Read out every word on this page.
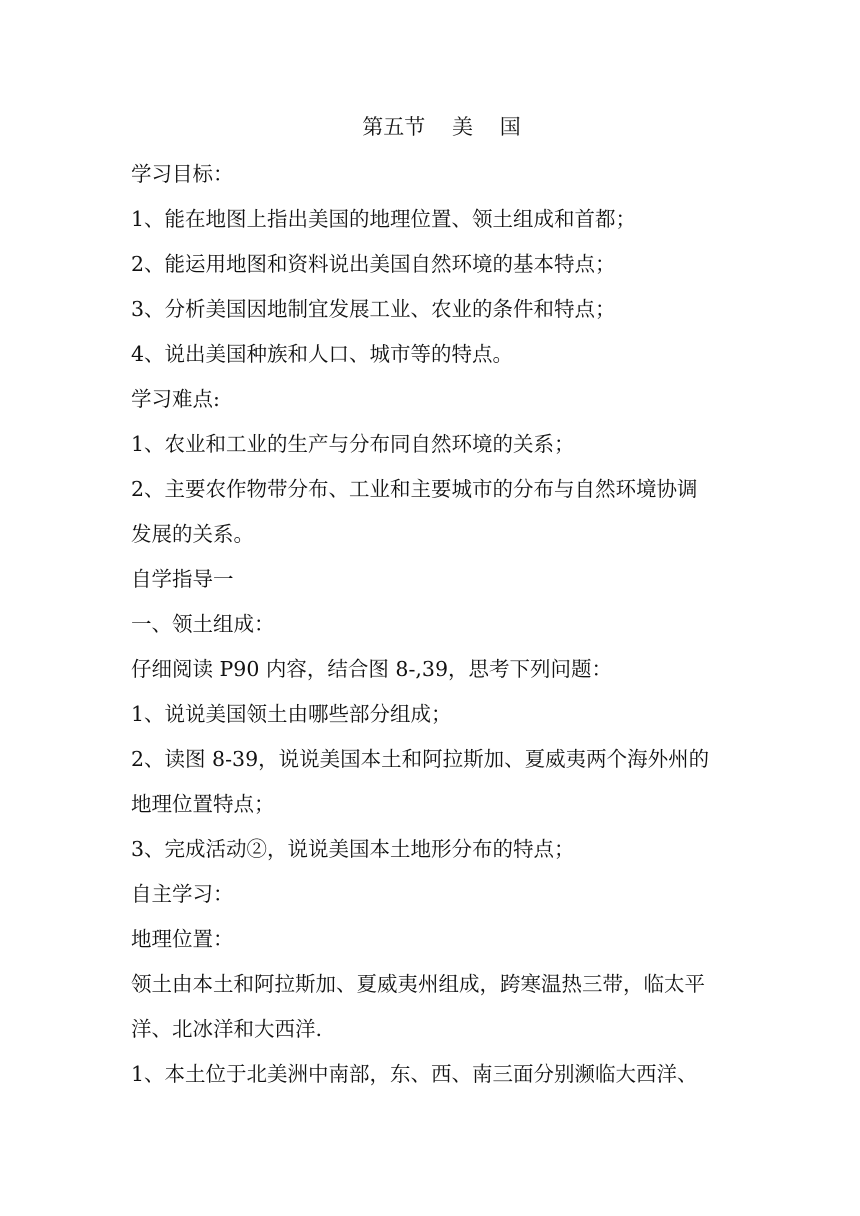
第五节    美    国
学习目标：
1、能在地图上指出美国的地理位置、领土组成和首都；
2、能运用地图和资料说出美国自然环境的基本特点；
3、分析美国因地制宜发展工业、农业的条件和特点；
4、说出美国种族和人口、城市等的特点。
学习难点:
1、农业和工业的生产与分布同自然环境的关系；
2、主要农作物带分布、工业和主要城市的分布与自然环境协调
发展的关系。
自学指导一
一、领土组成：
仔细阅读 P90 内容，结合图 8-,39，思考下列问题：
1、说说美国领土由哪些部分组成；
2、读图 8-39，说说美国本土和阿拉斯加、夏威夷两个海外州的
地理位置特点；
3、完成活动②，说说美国本土地形分布的特点；
自主学习：
地理位置：
领土由本土和阿拉斯加、夏威夷州组成，跨寒温热三带，临太平
洋、北冰洋和大西洋.
1、本土位于北美洲中南部，东、西、南三面分别濒临大西洋、
